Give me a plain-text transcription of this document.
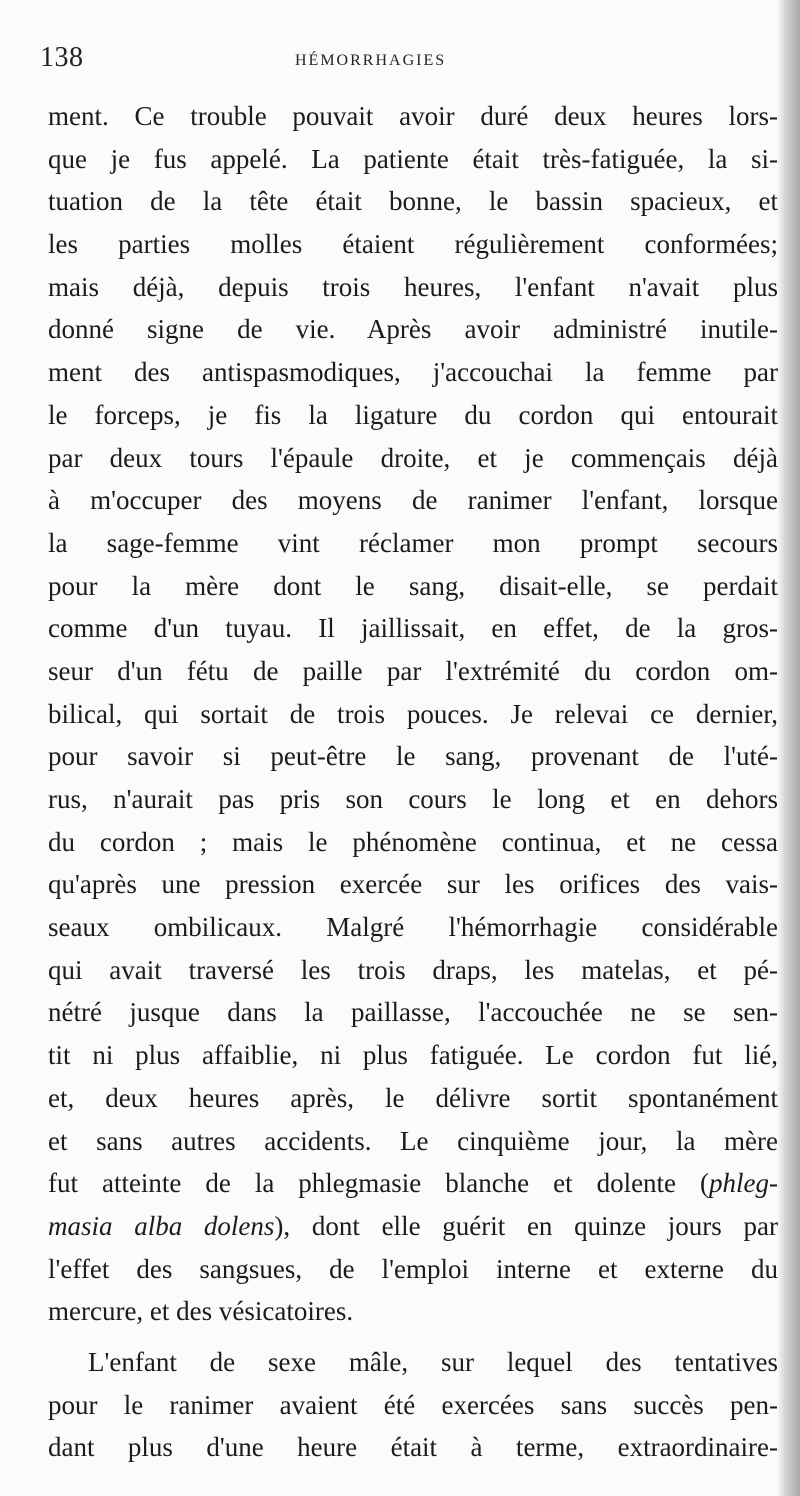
138	HÉMORRHAGIES
ment. Ce trouble pouvait avoir duré deux heures lors-
que je fus appelé. La patiente était très-fatiguée, la si-
tuation de la tête était bonne, le bassin spacieux, et
les parties molles étaient régulièrement conformées;
mais déjà, depuis trois heures, l'enfant n'avait plus
donné signe de vie. Après avoir administré inutile-
ment des antispasmodiques, j'accouchai la femme par
le forceps, je fis la ligature du cordon qui entourait
par deux tours l'épaule droite, et je commençais déjà
à m'occuper des moyens de ranimer l'enfant, lorsque
la sage-femme vint réclamer mon prompt secours
pour la mère dont le sang, disait-elle, se perdait
comme d'un tuyau. Il jaillissait, en effet, de la gros-
seur d'un fétu de paille par l'extrémité du cordon om-
bilical, qui sortait de trois pouces. Je relevai ce dernier,
pour savoir si peut-être le sang, provenant de l'uté-
rus, n'aurait pas pris son cours le long et en dehors
du cordon ; mais le phénomène continua, et ne cessa
qu'après une pression exercée sur les orifices des vais-
seaux ombilicaux. Malgré l'hémorrhagie considérable
qui avait traversé les trois draps, les matelas, et pé-
nétré jusque dans la paillasse, l'accouchée ne se sen-
tit ni plus affaiblie, ni plus fatiguée. Le cordon fut lié,
et, deux heures après, le délivre sortit spontanément
et sans autres accidents. Le cinquième jour, la mère
fut atteinte de la phlegmasie blanche et dolente (phleg-
masia alba dolens), dont elle guérit en quinze jours par
l'effet des sangsues, de l'emploi interne et externe du
mercure, et des vésicatoires.
L'enfant de sexe mâle, sur lequel des tentatives
pour le ranimer avaient été exercées sans succès pen-
dant plus d'une heure était à terme, extraordinaire-
